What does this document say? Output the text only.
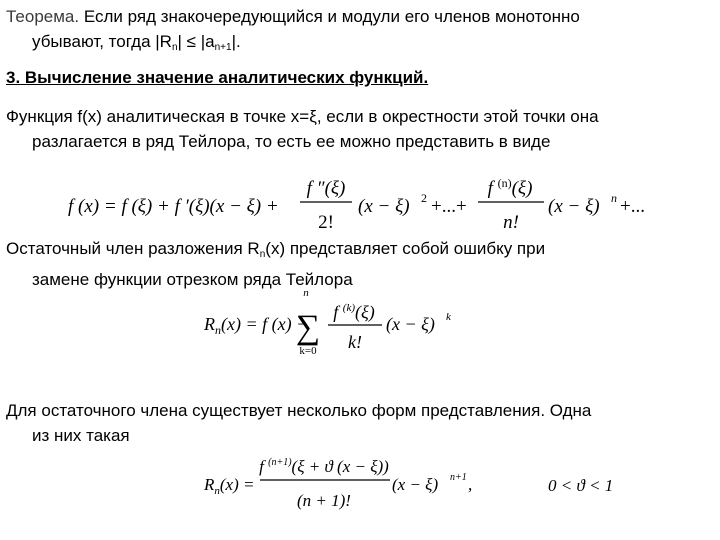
Теорема. Если ряд знакочередующийся и модули его членов монотонно
убывают, тогда $|R_n| \le |a_{n+1}|$.
3. Вычисление значение аналитических функций.
Функция f(x) аналитическая в точке x=ξ, если в окрестности этой точки она
разлагается в ряд Тейлора, то есть ее можно представить в виде
f (x) = f (ξ) + f ′(ξ)(x − ξ) +
f ″(ξ)
2!
(x − ξ) 2 +...+
f $^{(n)}$(ξ)
n!
(x − ξ) n +...
Остаточный член разложения $R_n(x)$ представляет собой ошибку при
замене функции отрезком ряда Тейлора
$R_n(x) = f$ (x) −
n
∑
k=0
f $^{(k)}$(ξ)
k!
(x − ξ) k
Для остаточного члена существует несколько форм представления. Одна
из них такая
$R_n(x)$ =
f $^{(n+1)}$(ξ + ϑ (x − ξ))
(n + 1)!
(x − ξ) n+1 ,	0 < ϑ < 1
